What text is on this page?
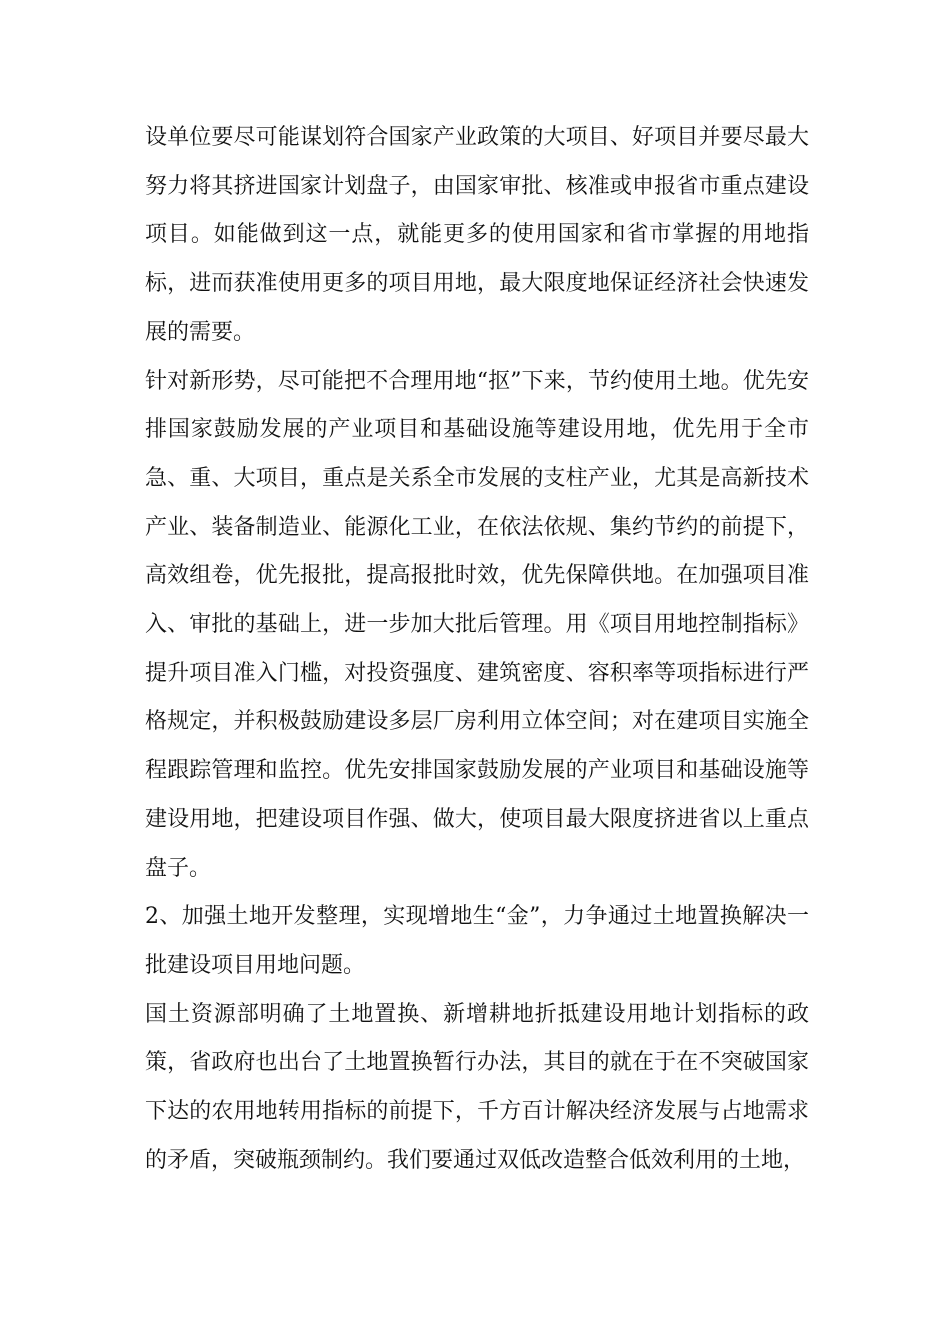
设单位要尽可能谋划符合国家产业政策的大项目、好项目并要尽最大努力将其挤进国家计划盘子，由国家审批、核准或申报省市重点建设项目。如能做到这一点，就能更多的使用国家和省市掌握的用地指标，进而获准使用更多的项目用地，最大限度地保证经济社会快速发展的需要。

针对新形势，尽可能把不合理用地“抠”下来，节约使用土地。优先安排国家鼓励发展的产业项目和基础设施等建设用地，优先用于全市急、重、大项目，重点是关系全市发展的支柱产业，尤其是高新技术产业、装备制造业、能源化工业，在依法依规、集约节约的前提下，高效组卷，优先报批，提高报批时效，优先保障供地。在加强项目准入、审批的基础上，进一步加大批后管理。用《项目用地控制指标》提升项目准入门槛，对投资强度、建筑密度、容积率等项指标进行严格规定，并积极鼓励建设多层厂房利用立体空间；对在建项目实施全程跟踪管理和监控。优先安排国家鼓励发展的产业项目和基础设施等建设用地，把建设项目作强、做大，使项目最大限度挤进省以上重点盘子。

2、加强土地开发整理，实现增地生“金”，力争通过土地置换解决一批建设项目用地问题。

国土资源部明确了土地置换、新增耕地折抵建设用地计划指标的政策，省政府也出台了土地置换暂行办法，其目的就在于在不突破国家下达的农用地转用指标的前提下，千方百计解决经济发展与占地需求的矛盾，突破瓶颈制约。我们要通过双低改造整合低效利用的土地，
